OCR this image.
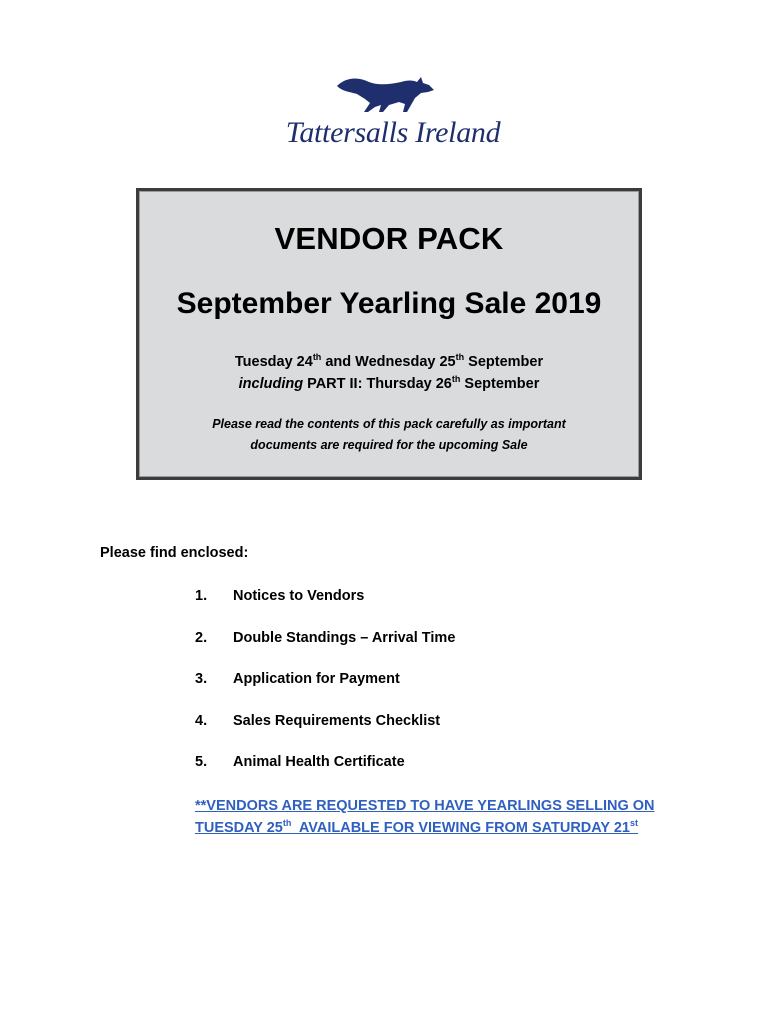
Tattersalls Ireland
VENDOR PACK
September Yearling Sale 2019
Tuesday 24th and Wednesday 25th September
including PART II: Thursday 26th September
Please read the contents of this pack carefully as important
documents are required for the upcoming Sale
Please find enclosed:
1. Notices to Vendors
2. Double Standings – Arrival Time
3. Application for Payment
4. Sales Requirements Checklist
5. Animal Health Certificate
**VENDORS ARE REQUESTED TO HAVE YEARLINGS SELLING ON
TUESDAY 25th  AVAILABLE FOR VIEWING FROM SATURDAY 21st
